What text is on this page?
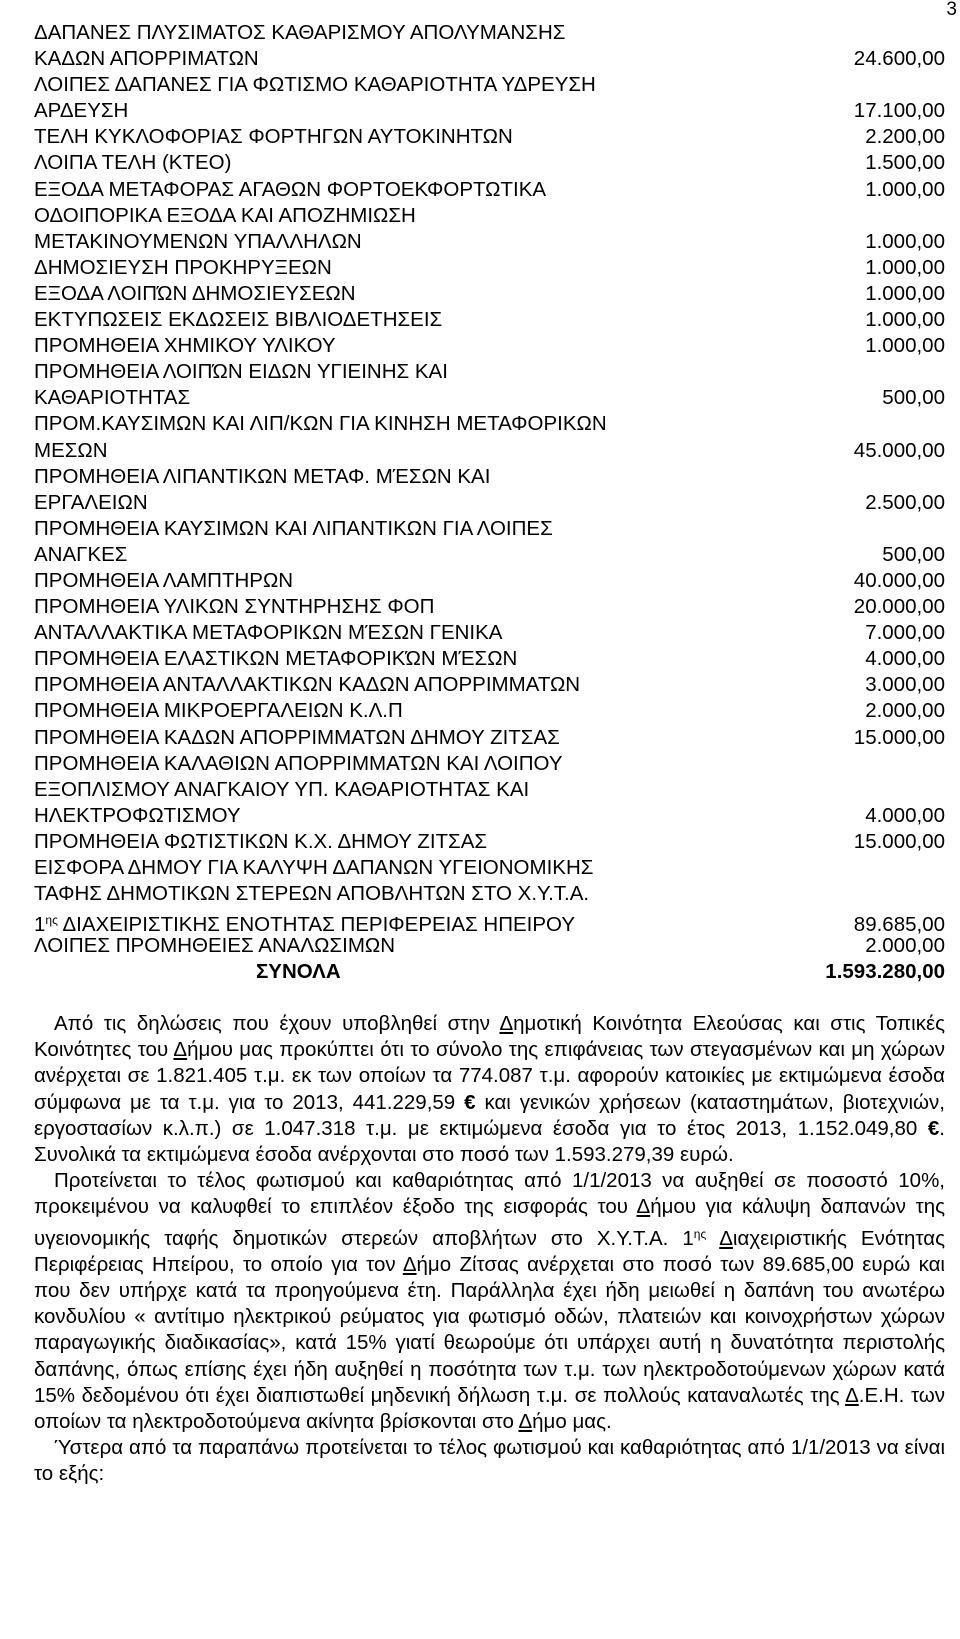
3
ΔΑΠΑΝΕΣ ΠΛΥΣΙΜΑΤΟΣ ΚΑΘΑΡΙΣΜΟΥ ΑΠΟΛΥΜΑΝΣΗΣ
ΚΑΔΩΝ ΑΠΟΡΡΙΜΑΤΩΝ	24.600,00
ΛΟΙΠΕΣ ΔΑΠΑΝΕΣ ΓΙΑ ΦΩΤΙΣΜΟ ΚΑΘΑΡΙΟΤΗΤΑ ΥΔΡΕΥΣΗ
ΑΡΔΕΥΣΗ	17.100,00
ΤΕΛΗ ΚΥΚΛΟΦΟΡΙΑΣ ΦΟΡΤΗΓΩΝ ΑΥΤΟΚΙΝΗΤΩΝ	2.200,00
ΛΟΙΠΑ ΤΕΛΗ (ΚΤΕΟ)	1.500,00
ΕΞΟΔΑ ΜΕΤΑΦΟΡΑΣ ΑΓΑΘΩΝ ΦΟΡΤΟΕΚΦΟΡΤΩΤΙΚΑ	1.000,00
ΟΔΟΙΠΟΡΙΚΑ ΕΞΟΔΑ ΚΑΙ ΑΠΟΖΗΜΙΩΣΗ
ΜΕΤΑΚΙΝΟΥΜΕΝΩΝ ΥΠΑΛΛΗΛΩΝ	1.000,00
ΔΗΜΟΣΙΕΥΣΗ ΠΡΟΚΗΡΥΞΕΩΝ	1.000,00
ΕΞΟΔΑ ΛΟΙΠΏΝ ΔΗΜΟΣΙΕΥΣΕΩΝ	1.000,00
ΕΚΤΥΠΩΣΕΙΣ ΕΚΔΩΣΕΙΣ ΒΙΒΛΙΟΔΕΤΗΣΕΙΣ	1.000,00
ΠΡΟΜΗΘΕΙΑ ΧΗΜΙΚΟΥ ΥΛΙΚΟΥ	1.000,00
ΠΡΟΜΗΘΕΙΑ ΛΟΙΠΏΝ ΕΙΔΩΝ ΥΓΙΕΙΝΗΣ ΚΑΙ
ΚΑΘΑΡΙΟΤΗΤΑΣ	500,00
ΠΡΟΜ.ΚΑΥΣΙΜΩΝ ΚΑΙ ΛΙΠ/ΚΩΝ ΓΙΑ ΚΙΝΗΣΗ ΜΕΤΑΦΟΡΙΚΩΝ
ΜΕΣΩΝ	45.000,00
ΠΡΟΜΗΘΕΙΑ ΛΙΠΑΝΤΙΚΩΝ ΜΕΤΑΦ. ΜΈΣΩΝ ΚΑΙ
ΕΡΓΑΛΕΙΩΝ	2.500,00
ΠΡΟΜΗΘΕΙΑ ΚΑΥΣΙΜΩΝ ΚΑΙ ΛΙΠΑΝΤΙΚΩΝ ΓΙΑ ΛΟΙΠΕΣ
ΑΝΑΓΚΕΣ	500,00
ΠΡΟΜΗΘΕΙΑ ΛΑΜΠΤΗΡΩΝ	40.000,00
ΠΡΟΜΗΘΕΙΑ ΥΛΙΚΩΝ ΣΥΝΤΗΡΗΣΗΣ ΦΟΠ	20.000,00
ΑΝΤΑΛΛΑΚΤΙΚΑ ΜΕΤΑΦΟΡΙΚΩΝ ΜΈΣΩΝ ΓΕΝΙΚΑ	7.000,00
ΠΡΟΜΗΘΕΙΑ ΕΛΑΣΤΙΚΩΝ ΜΕΤΑΦΟΡΙΚΏΝ ΜΈΣΩΝ	4.000,00
ΠΡΟΜΗΘΕΙΑ ΑΝΤΑΛΛΑΚΤΙΚΩΝ ΚΑΔΩΝ ΑΠΟΡΡΙΜΜΑΤΩΝ	3.000,00
ΠΡΟΜΗΘΕΙΑ ΜΙΚΡΟΕΡΓΑΛΕΙΩΝ Κ.Λ.Π	2.000,00
ΠΡΟΜΗΘΕΙΑ ΚΑΔΩΝ ΑΠΟΡΡΙΜΜΑΤΩΝ ΔΗΜΟΥ ΖΙΤΣΑΣ	15.000,00
ΠΡΟΜΗΘΕΙΑ ΚΑΛΑΘΙΩΝ ΑΠΟΡΡΙΜΜΑΤΩΝ ΚΑΙ ΛΟΙΠΟΥ
ΕΞΟΠΛΙΣΜΟΥ ΑΝΑΓΚΑΙΟΥ ΥΠ. ΚΑΘΑΡΙΟΤΗΤΑΣ ΚΑΙ
ΗΛΕΚΤΡΟΦΩΤΙΣΜΟΥ	4.000,00
ΠΡΟΜΗΘΕΙΑ ΦΩΤΙΣΤΙΚΩΝ Κ.Χ. ΔΗΜΟΥ ΖΙΤΣΑΣ	15.000,00
ΕΙΣΦΟΡΑ ΔΗΜΟΥ ΓΙΑ ΚΑΛΥΨΗ ΔΑΠΑΝΩΝ ΥΓΕΙΟΝΟΜΙΚΗΣ
ΤΑΦΗΣ ΔΗΜΟΤΙΚΩΝ ΣΤΕΡΕΩΝ ΑΠΟΒΛΗΤΩΝ ΣΤΟ Χ.Υ.Τ.Α.
$1^{\eta\varsigma}$ ΔΙΑΧΕΙΡΙΣΤΙΚΗΣ ΕΝΟΤΗΤΑΣ ΠΕΡΙΦΕΡΕΙΑΣ ΗΠΕΙΡΟΥ	89.685,00
ΛΟΙΠΕΣ ΠΡΟΜΗΘΕΙΕΣ ΑΝΑΛΩΣΙΜΩΝ	2.000,00
ΣΥΝΟΛΑ	1.593.280,00

Από τις δηλώσεις που έχουν υποβληθεί στην Δημοτική Κοινότητα Ελεούσας και στις Τοπικές Κοινότητες του Δήμου μας προκύπτει ότι το σύνολο της επιφάνειας των στεγασμένων και μη χώρων ανέρχεται σε 1.821.405 τ.μ. εκ των οποίων τα 774.087 τ.μ. αφορούν κατοικίες με εκτιμώμενα έσοδα σύμφωνα με τα τ.μ. για το 2013, 441.229,59 € και γενικών χρήσεων (καταστημάτων, βιοτεχνιών, εργοστασίων κ.λ.π.) σε 1.047.318 τ.μ. με εκτιμώμενα έσοδα για το έτος 2013, 1.152.049,80 €. Συνολικά τα εκτιμώμενα έσοδα ανέρχονται στο ποσό των 1.593.279,39 ευρώ.

Προτείνεται το τέλος φωτισμού και καθαριότητας από 1/1/2013 να αυξηθεί σε ποσοστό 10%, προκειμένου να καλυφθεί το επιπλέον έξοδο της εισφοράς του Δήμου για κάλυψη δαπανών της υγειονομικής ταφής δημοτικών στερεών αποβλήτων στο Χ.Υ.Τ.Α. $1^{\eta\varsigma}$ Διαχειριστικής Ενότητας Περιφέρειας Ηπείρου, το οποίο για τον Δήμο Ζίτσας ανέρχεται στο ποσό των 89.685,00 ευρώ και που δεν υπήρχε κατά τα προηγούμενα έτη. Παράλληλα έχει ήδη μειωθεί η δαπάνη του ανωτέρω κονδυλίου « αντίτιμο ηλεκτρικού ρεύματος για φωτισμό οδών, πλατειών και κοινοχρήστων χώρων παραγωγικής διαδικασίας», κατά 15% γιατί θεωρούμε ότι υπάρχει αυτή η δυνατότητα περιστολής δαπάνης, όπως επίσης έχει ήδη αυξηθεί η ποσότητα των τ.μ. των ηλεκτροδοτούμενων χώρων κατά 15% δεδομένου ότι έχει διαπιστωθεί μηδενική δήλωση τ.μ. σε πολλούς καταναλωτές της Δ.Ε.Η. των οποίων τα ηλεκτροδοτούμενα ακίνητα βρίσκονται στο Δήμο μας.

Ύστερα από τα παραπάνω προτείνεται το τέλος φωτισμού και καθαριότητας από 1/1/2013 να είναι το εξής:
